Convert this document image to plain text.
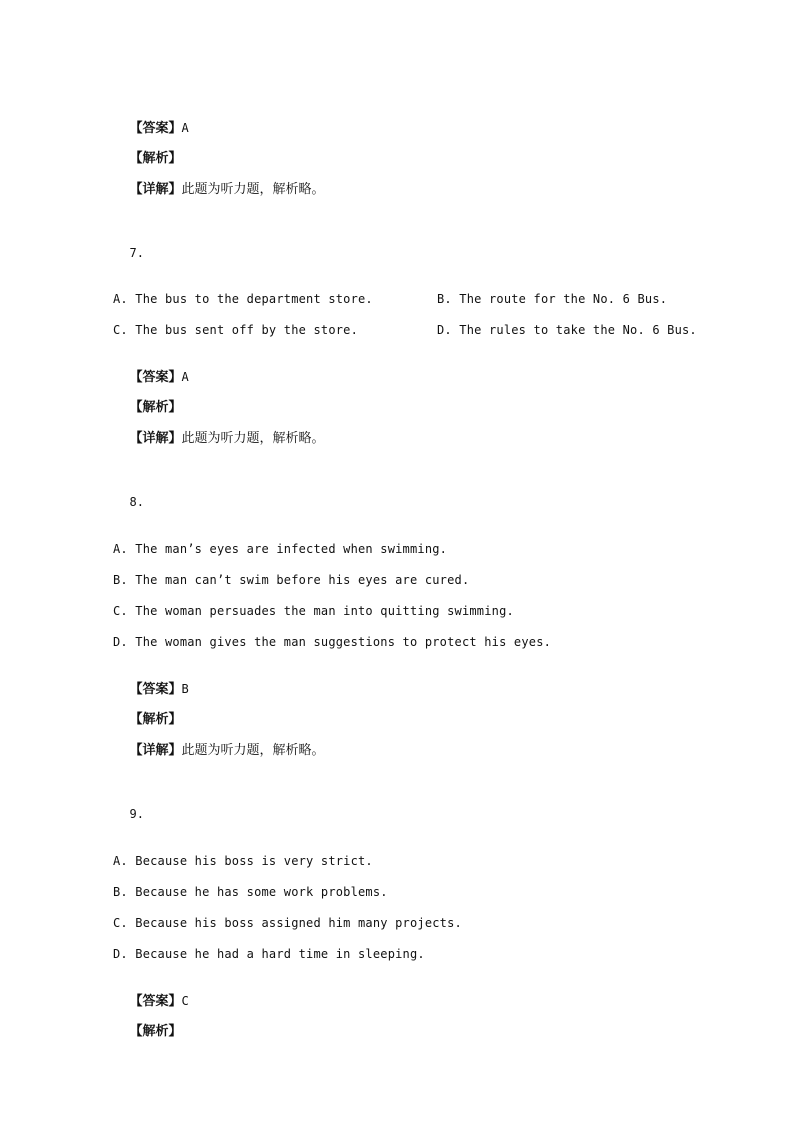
【答案】A

【解析】

【详解】此题为听力题，解析略。

7.

A. The bus to the department store.	B. The route for the No. 6 Bus.
C. The bus sent off by the store.	D. The rules to take the No. 6 Bus.

【答案】A

【解析】

【详解】此题为听力题，解析略。

8.

A. The man’s eyes are infected when swimming.
B. The man can’t swim before his eyes are cured.
C. The woman persuades the man into quitting swimming.
D. The woman gives the man suggestions to protect his eyes.

【答案】B

【解析】

【详解】此题为听力题，解析略。

9.

A. Because his boss is very strict.
B. Because he has some work problems.
C. Because his boss assigned him many projects.
D. Because he had a hard time in sleeping.

【答案】C

【解析】
